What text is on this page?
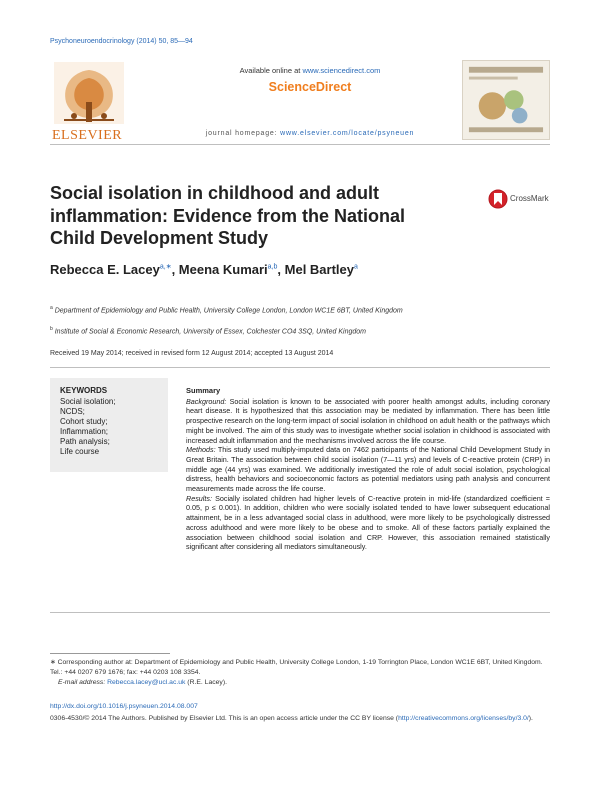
Psychoneuroendocrinology (2014) 50, 85—94
ELSEVIER
Available online at www.sciencedirect.com
ScienceDirect
journal homepage: www.elsevier.com/locate/psyneuen
Social isolation in childhood and adult inflammation: Evidence from the National Child Development Study
CrossMark
Rebecca E. Lacey$^{a,∗}$, Meena Kumari$^{a,b}$, Mel Bartley$^a$
$^a$ Department of Epidemiology and Public Health, University College London, London WC1E 6BT, United Kingdom
$^b$ Institute of Social & Economic Research, University of Essex, Colchester CO4 3SQ, United Kingdom
Received 19 May 2014; received in revised form 12 August 2014; accepted 13 August 2014
KEYWORDS
Social isolation;
NCDS;
Cohort study;
Inflammation;
Path analysis;
Life course
Summary

Background: Social isolation is known to be associated with poorer health amongst adults, including coronary heart disease. It is hypothesized that this association may be mediated by inflammation. There has been little prospective research on the long-term impact of social isolation in childhood on adult health or the pathways which might be involved. The aim of this study was to investigate whether social isolation in childhood is associated with increased adult inflammation and the mechanisms involved across the life course.

Methods: This study used multiply-imputed data on 7462 participants of the National Child Development Study in Great Britain. The association between child social isolation (7—11 yrs) and levels of C-reactive protein (CRP) in middle age (44 yrs) was examined. We additionally investigated the role of adult social isolation, psychological distress, health behaviors and socioeconomic factors as potential mediators using path analysis and concurrent measurements made across the life course.

Results: Socially isolated children had higher levels of C-reactive protein in mid-life (standardized coefficient = 0.05, p ≤ 0.001). In addition, children who were socially isolated tended to have lower subsequent educational attainment, be in a less advantaged social class in adulthood, were more likely to be psychologically distressed across adulthood and were more likely to be obese and to smoke. All of these factors partially explained the association between childhood social isolation and CRP. However, this association remained statistically significant after considering all mediators simultaneously.

∗ Corresponding author at: Department of Epidemiology and Public Health, University College London, 1-19 Torrington Place, London WC1E 6BT, United Kingdom. Tel.: +44 0207 679 1676; fax: +44 0203 108 3354.
E-mail address: Rebecca.lacey@ucl.ac.uk (R.E. Lacey).
http://dx.doi.org/10.1016/j.psyneuen.2014.08.007
0306-4530/© 2014 The Authors. Published by Elsevier Ltd. This is an open access article under the CC BY license (http://creativecommons.org/licenses/by/3.0/).
